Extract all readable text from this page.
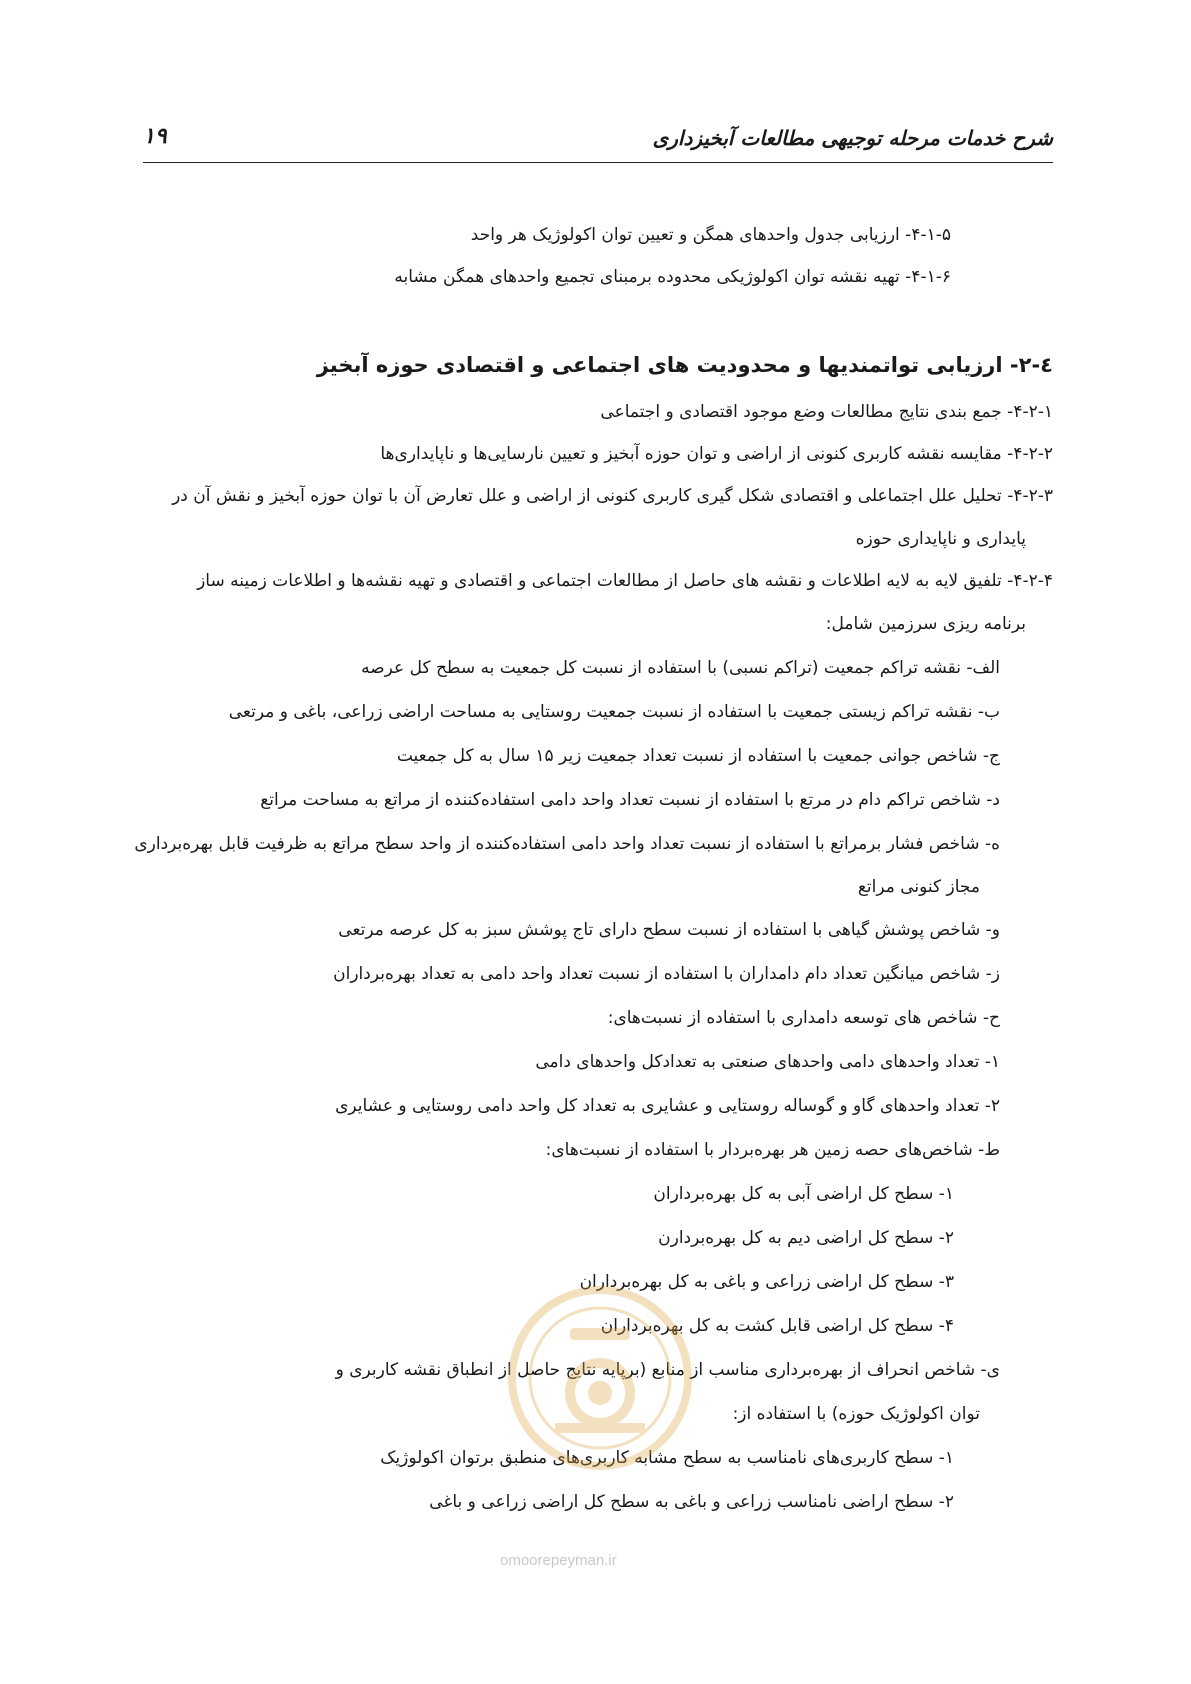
شرح خدمات مرحله توجیهی مطالعات آبخیزداری
۱۹
۴-۱-۵- ارزیابی جدول واحدهای همگن و تعیین توان اکولوژیک هر واحد
۴-۱-۶- تهیه نقشه توان اکولوژیکی محدوده برمبنای تجمیع واحدهای همگن مشابه
٤-٢- ارزیابی تواتمندیها و محدودیت های اجتماعی و اقتصادی حوزه آبخیز
۴-۲-۱- جمع بندی نتایج مطالعات وضع موجود اقتصادی و اجتماعی
۴-۲-۲- مقایسه نقشه کاربری کنونی از اراضی و توان حوزه آبخیز و تعیین نارسایی‌ها و ناپایداری‌ها
۴-۲-۳- تحلیل علل اجتماعلی و اقتصادی شکل گیری کاربری کنونی از اراضی و علل تعارض آن با توان حوزه آبخیز و نقش آن در
پایداری و ناپایداری حوزه
۴-۲-۴- تلفیق لایه به لایه اطلاعات و نقشه های حاصل از مطالعات اجتماعی و اقتصادی و تهیه نقشه‌ها و اطلاعات زمینه ساز
برنامه ریزی سرزمین شامل:
الف- نقشه تراکم جمعیت (تراکم نسبی) با استفاده از نسبت کل جمعیت به سطح کل عرصه
ب- نقشه تراکم زیستی جمعیت با استفاده از نسبت جمعیت روستایی به مساحت اراضی زراعی، باغی و مرتعی
ج- شاخص جوانی جمعیت با استفاده از نسبت تعداد جمعیت زیر ۱۵ سال به کل جمعیت
د- شاخص تراکم دام در مرتع با استفاده از نسبت تعداد واحد دامی استفاده‌کننده از مراتع به مساحت مراتع
ه- شاخص فشار برمراتع با استفاده از نسبت تعداد واحد دامی استفاده‌کننده از واحد سطح مراتع به ظرفیت قابل بهره‌برداری
مجاز کنونی مراتع
و- شاخص پوشش گیاهی با استفاده از نسبت سطح دارای تاج پوشش سبز به کل عرصه مرتعی
ز- شاخص میانگین تعداد دام دامداران با استفاده از نسبت تعداد واحد دامی به تعداد بهره‌برداران
ح- شاخص های توسعه دامداری با استفاده از نسبت‌های:
۱- تعداد واحدهای دامی واحدهای صنعتی به تعدادکل واحدهای دامی
۲- تعداد واحدهای گاو و گوساله روستایی و عشایری به تعداد کل واحد دامی روستایی و عشایری
ط- شاخص‌های حصه زمین هر بهره‌بردار با استفاده از نسبت‌های:
۱- سطح کل اراضی آبی به کل بهره‌برداران
۲- سطح کل اراضی دیم به کل بهره‌بردارن
۳- سطح کل اراضی زراعی و باغی به کل بهره‌برداران
۴- سطح کل اراضی قابل کشت به کل بهره‌برداران
ی- شاخص انحراف از بهره‌برداری مناسب از منابع (برپایه نتایج حاصل از انطباق نقشه کاربری و
توان اکولوژیک حوزه) با استفاده از:
۱- سطح کاربری‌های نامناسب به سطح مشابه کاربری‌های منطبق برتوان اکولوژیک
۲- سطح اراضی نامناسب زراعی و باغی به سطح کل اراضی زراعی و باغی
omoorepeyman.ir
